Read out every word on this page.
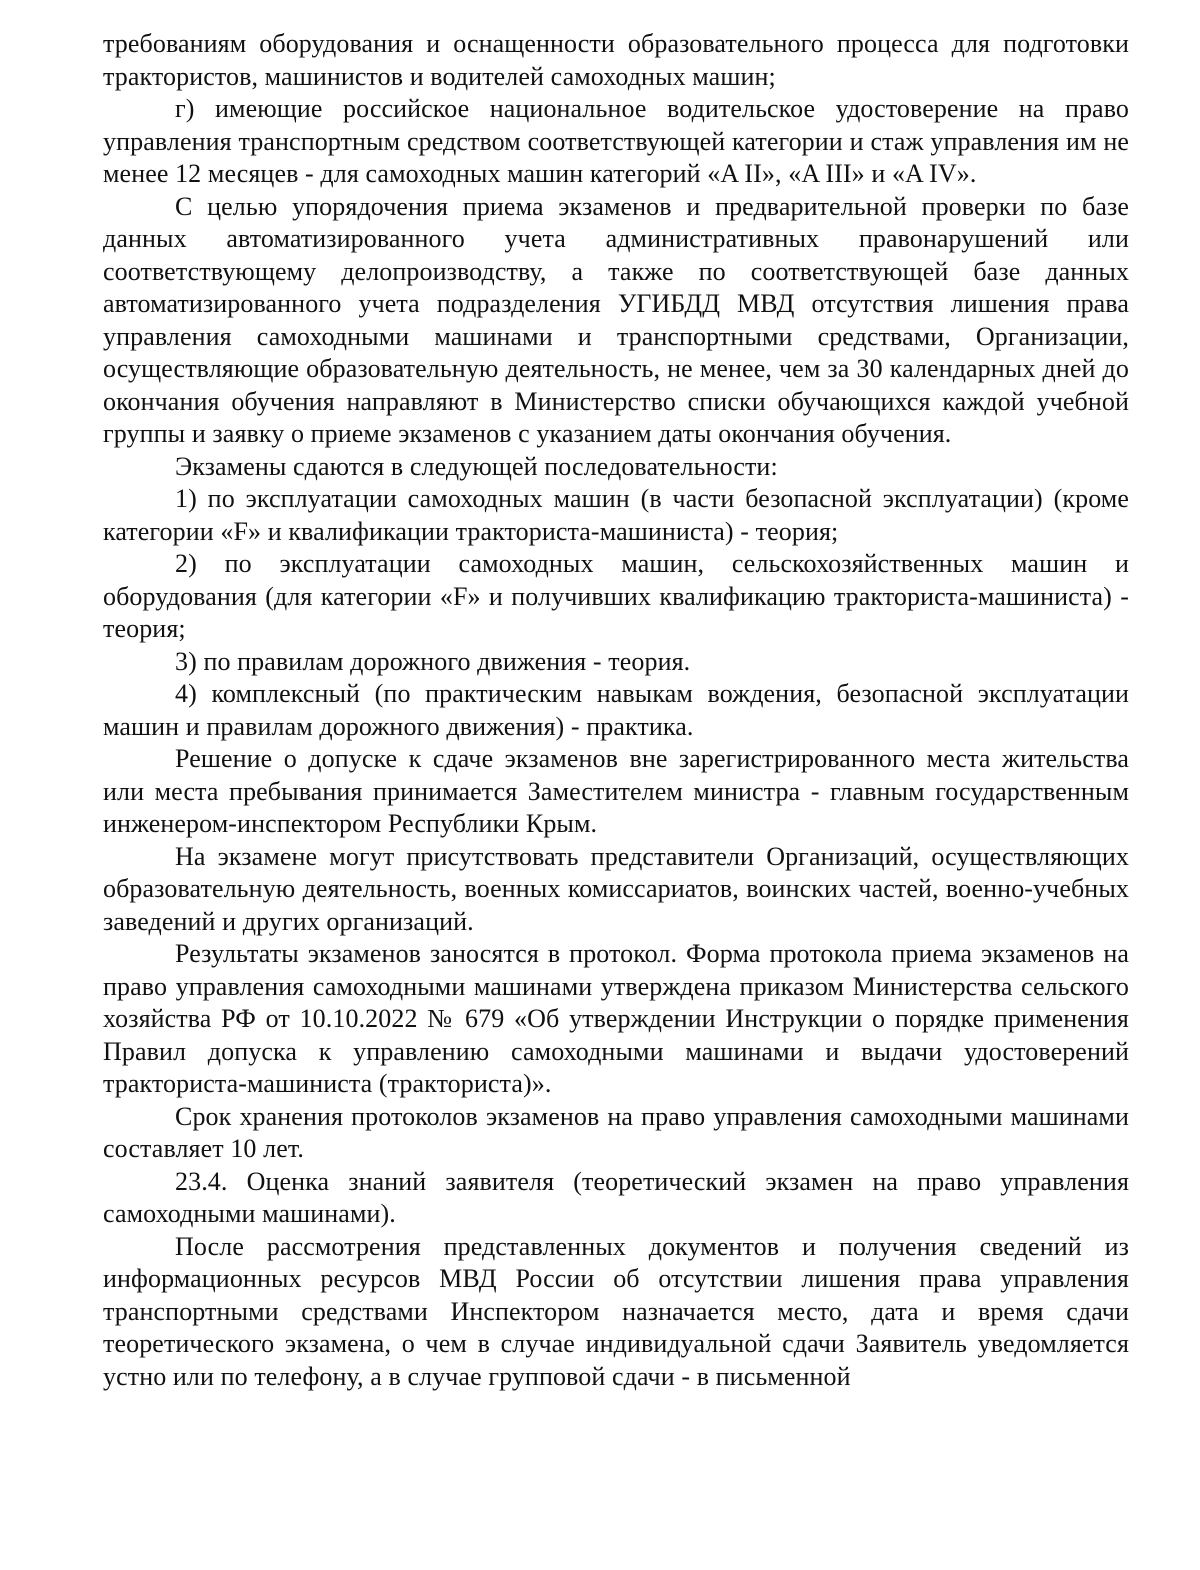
требованиям оборудования и оснащенности образовательного процесса для подготовки трактористов, машинистов и водителей самоходных машин;

г) имеющие российское национальное водительское удостоверение на право управления транспортным средством соответствующей категории и стаж управления им не менее 12 месяцев - для самоходных машин категорий «A II», «A III» и «A IV».

С целью упорядочения приема экзаменов и предварительной проверки по базе данных автоматизированного учета административных правонарушений или соответствующему делопроизводству, а также по соответствующей базе данных автоматизированного учета подразделения УГИБДД МВД отсутствия лишения права управления самоходными машинами и транспортными средствами, Организации, осуществляющие образовательную деятельность, не менее, чем за 30 календарных дней до окончания обучения направляют в Министерство списки обучающихся каждой учебной группы и заявку о приеме экзаменов с указанием даты окончания обучения.

Экзамены сдаются в следующей последовательности:

1) по эксплуатации самоходных машин (в части безопасной эксплуатации) (кроме категории «F» и квалификации тракториста-машиниста) - теория;

2) по эксплуатации самоходных машин, сельскохозяйственных машин и оборудования (для категории «F» и получивших квалификацию тракториста-машиниста) - теория;

3) по правилам дорожного движения - теория.

4) комплексный (по практическим навыкам вождения, безопасной эксплуатации машин и правилам дорожного движения) - практика.

Решение о допуске к сдаче экзаменов вне зарегистрированного места жительства или места пребывания принимается Заместителем министра - главным государственным инженером-инспектором Республики Крым.

На экзамене могут присутствовать представители Организаций, осуществляющих образовательную деятельность, военных комиссариатов, воинских частей, военно-учебных заведений и других организаций.

Результаты экзаменов заносятся в протокол. Форма протокола приема экзаменов на право управления самоходными машинами утверждена приказом Министерства сельского хозяйства РФ от 10.10.2022 № 679 «Об утверждении Инструкции о порядке применения Правил допуска к управлению самоходными машинами и выдачи удостоверений тракториста-машиниста (тракториста)».

Срок хранения протоколов экзаменов на право управления самоходными машинами составляет 10 лет.

23.4. Оценка знаний заявителя (теоретический экзамен на право управления самоходными машинами).

После рассмотрения представленных документов и получения сведений из информационных ресурсов МВД России об отсутствии лишения права управления транспортными средствами Инспектором назначается место, дата и время сдачи теоретического экзамена, о чем в случае индивидуальной сдачи Заявитель уведомляется устно или по телефону, а в случае групповой сдачи - в письменной
